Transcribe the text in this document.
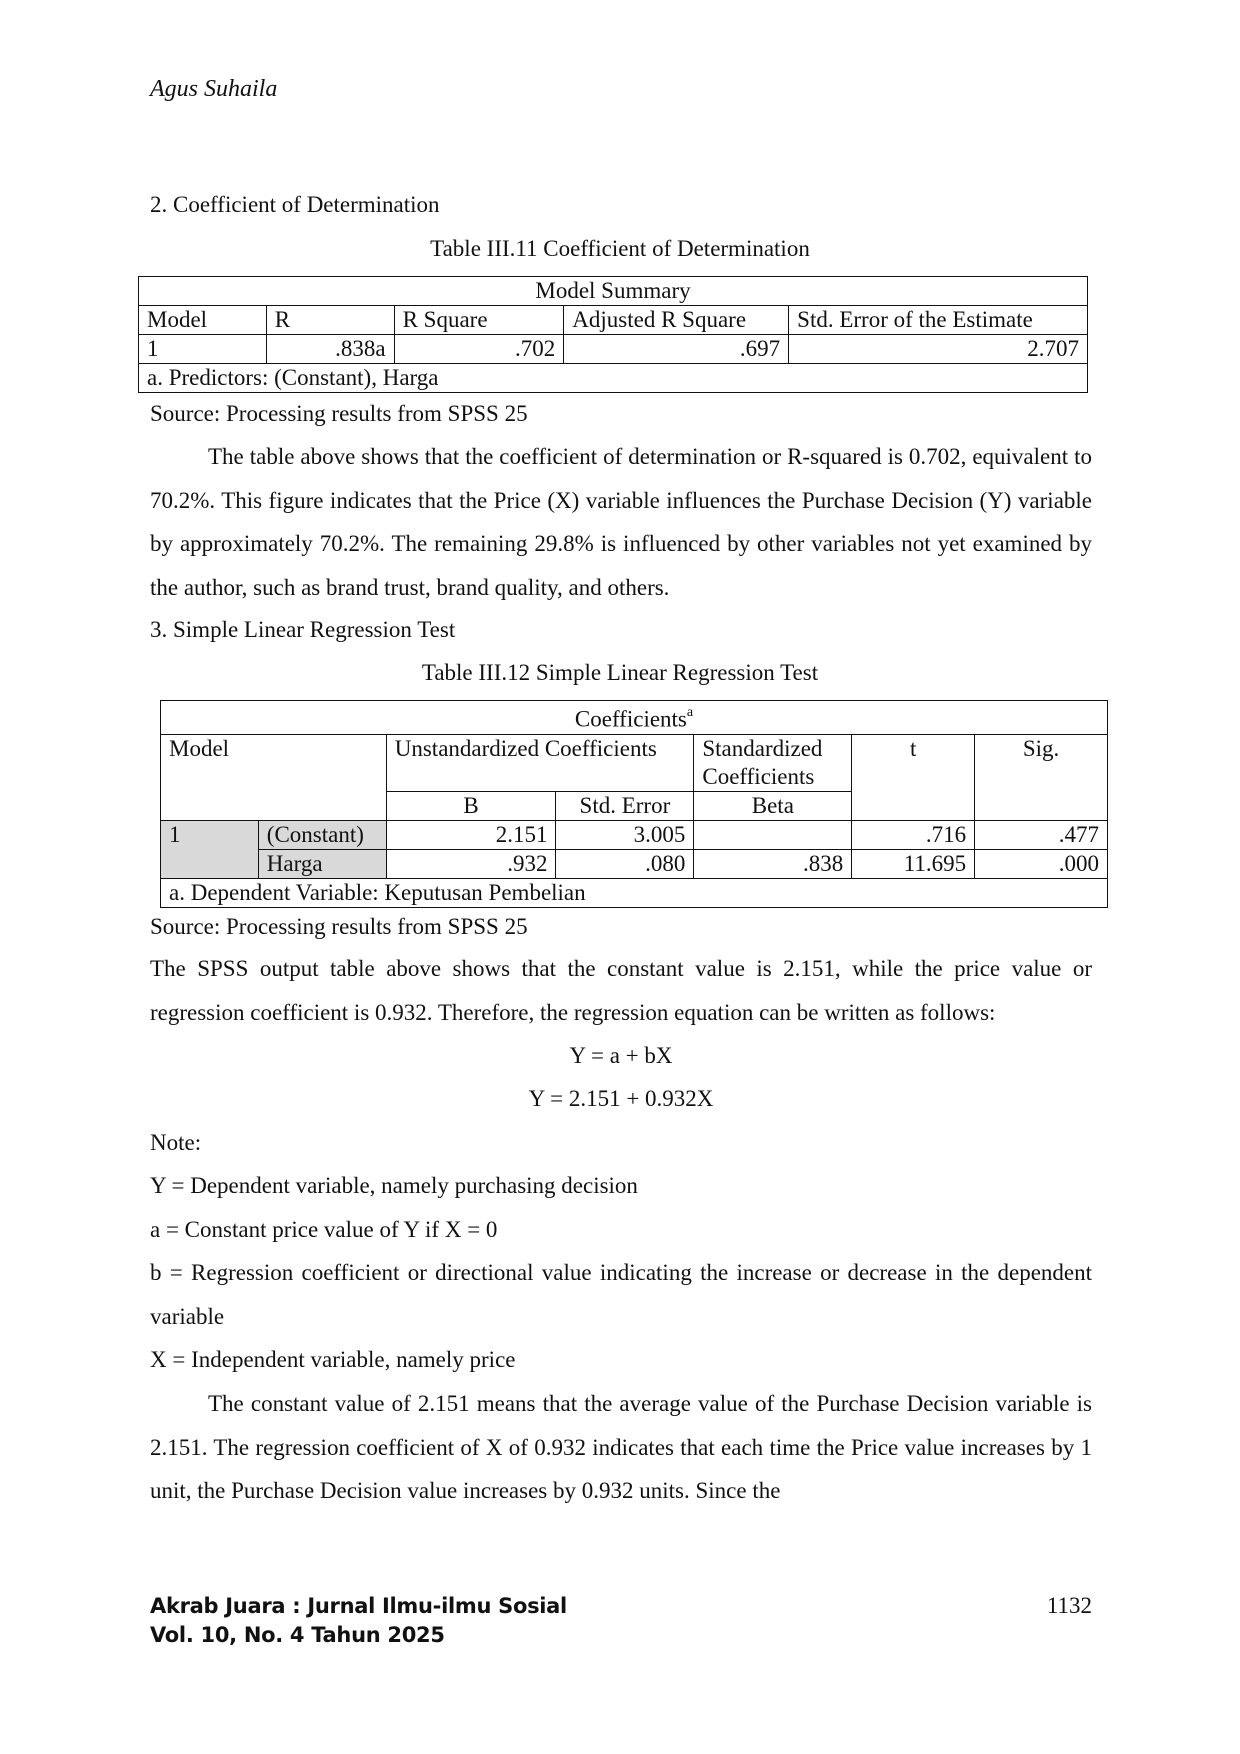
Agus Suhaila
2. Coefficient of Determination
Table III.11 Coefficient of Determination
Model Summary				
Model	R	R Square	Adjusted R Square	Std. Error of the Estimate
1	.838a	.702	.697	2.707
a. Predictors: (Constant), Harga				
Source: Processing results from SPSS 25
The table above shows that the coefficient of determination or R-squared is 0.702, equivalent to 70.2%. This figure indicates that the Price (X) variable influences the Purchase Decision (Y) variable by approximately 70.2%. The remaining 29.8% is influenced by other variables not yet examined by the author, such as brand trust, brand quality, and others.
3. Simple Linear Regression Test
Table III.12 Simple Linear Regression Test
Coefficients$^a$
Model		Unstandardized Coefficients		Standardized Coefficients	t	Sig.
		B	Std. Error	Beta		
1	(Constant)	2.151	3.005		.716	.477
	Harga	.932	.080	.838	11.695	.000
a. Dependent Variable: Keputusan Pembelian						
Source: Processing results from SPSS 25
The SPSS output table above shows that the constant value is 2.151, while the price value or regression coefficient is 0.932. Therefore, the regression equation can be written as follows:
Y = a + bX
Y = 2.151 + 0.932X
Note:
Y = Dependent variable, namely purchasing decision
a = Constant price value of Y if X = 0
b = Regression coefficient or directional value indicating the increase or decrease in the dependent variable
X = Independent variable, namely price
The constant value of 2.151 means that the average value of the Purchase Decision variable is 2.151. The regression coefficient of X of 0.932 indicates that each time the Price value increases by 1 unit, the Purchase Decision value increases by 0.932 units. Since the
Akrab Juara : Jurnal Ilmu-ilmu Sosial
Vol. 10, No. 4 Tahun 2025
1132
